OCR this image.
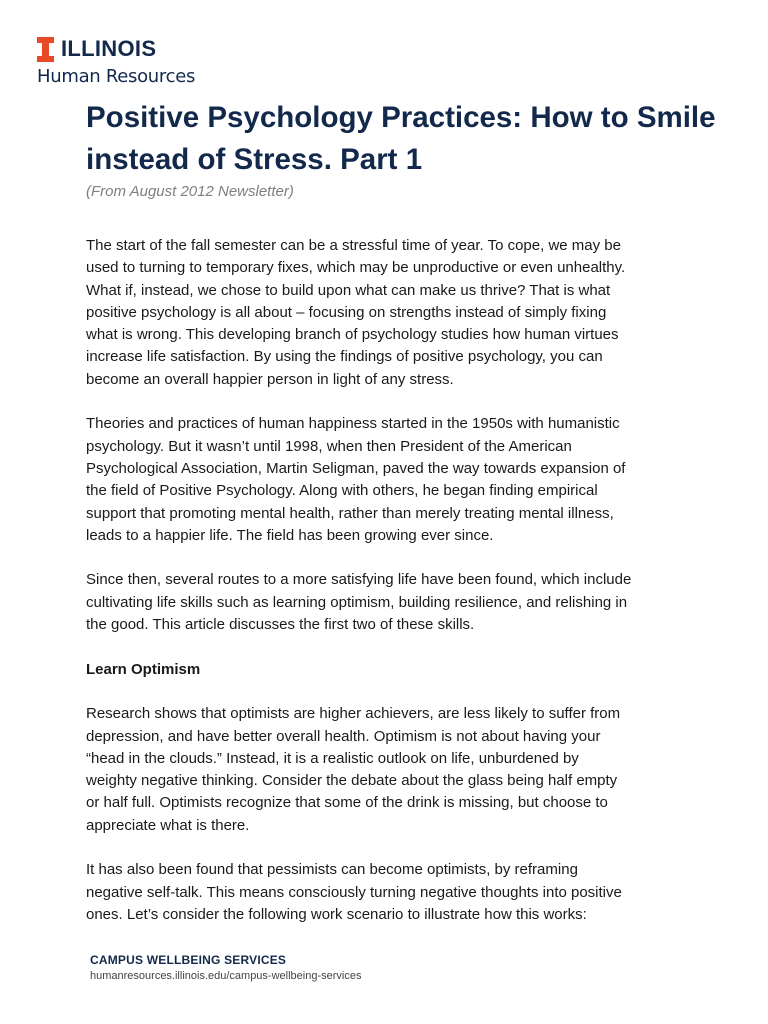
ILLINOIS
Human Resources
Positive Psychology Practices: How to Smile instead of Stress. Part 1

(From August 2012 Newsletter)

The start of the fall semester can be a stressful time of year. To cope, we may be
used to turning to temporary fixes, which may be unproductive or even unhealthy.
What if, instead, we chose to build upon what can make us thrive? That is what
positive psychology is all about – focusing on strengths instead of simply fixing
what is wrong. This developing branch of psychology studies how human virtues
increase life satisfaction. By using the findings of positive psychology, you can
become an overall happier person in light of any stress.

Theories and practices of human happiness started in the 1950s with humanistic
psychology. But it wasn’t until 1998, when then President of the American
Psychological Association, Martin Seligman, paved the way towards expansion of
the field of Positive Psychology. Along with others, he began finding empirical
support that promoting mental health, rather than merely treating mental illness,
leads to a happier life. The field has been growing ever since.

Since then, several routes to a more satisfying life have been found, which include
cultivating life skills such as learning optimism, building resilience, and relishing in
the good. This article discusses the first two of these skills.

Learn Optimism

Research shows that optimists are higher achievers, are less likely to suffer from
depression, and have better overall health. Optimism is not about having your
“head in the clouds.” Instead, it is a realistic outlook on life, unburdened by
weighty negative thinking. Consider the debate about the glass being half empty
or half full. Optimists recognize that some of the drink is missing, but choose to
appreciate what is there.

It has also been found that pessimists can become optimists, by reframing
negative self-talk. This means consciously turning negative thoughts into positive
ones. Let’s consider the following work scenario to illustrate how this works:

CAMPUS WELLBEING SERVICES
humanresources.illinois.edu/campus-wellbeing-services
